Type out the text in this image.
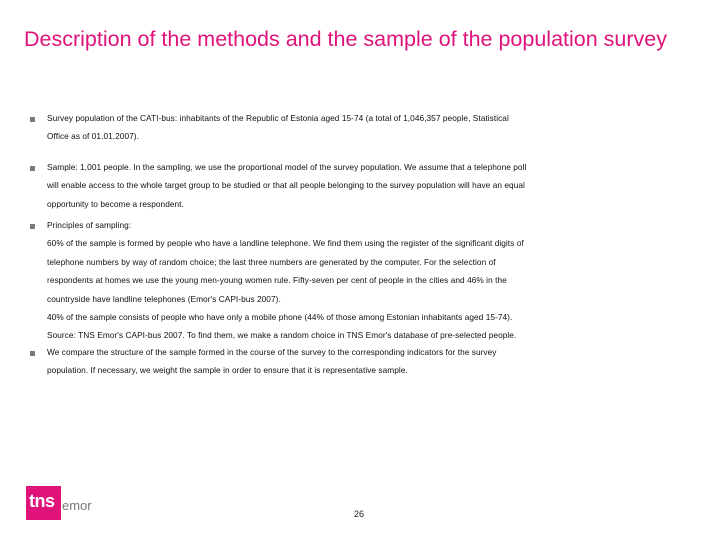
Description of the methods and the sample of the population survey
Survey population of the CATI-bus: inhabitants of the Republic of Estonia aged 15-74 (a total of 1,046,357 people, Statistical
Office as of 01.01.2007).
Sample: 1,001 people. In the sampling, we use the proportional model of the survey population. We assume that a telephone poll
will enable access to the whole target group to be studied or that all people belonging to the survey population will have an equal
opportunity to become a respondent.
Principles of sampling:
60% of the sample is formed by people who have a landline telephone. We find them using the register of the significant digits of
telephone numbers by way of random choice; the last three numbers are generated by the computer. For the selection of
respondents at homes we use the young men-young women rule. Fifty-seven per cent of people in the cities and 46% in the
countryside have landline telephones (Emor's CAPI-bus 2007).
40% of the sample consists of people who have only a mobile phone (44% of those among Estonian inhabitants aged 15-74).
Source: TNS Emor's CAPI-bus 2007. To find them, we make a random choice in TNS Emor's database of pre-selected people.
We compare the structure of the sample formed in the course of the survey to the corresponding indicators for the survey
population. If necessary, we weight the sample in order to ensure that it is representative sample.
tns emor
26
